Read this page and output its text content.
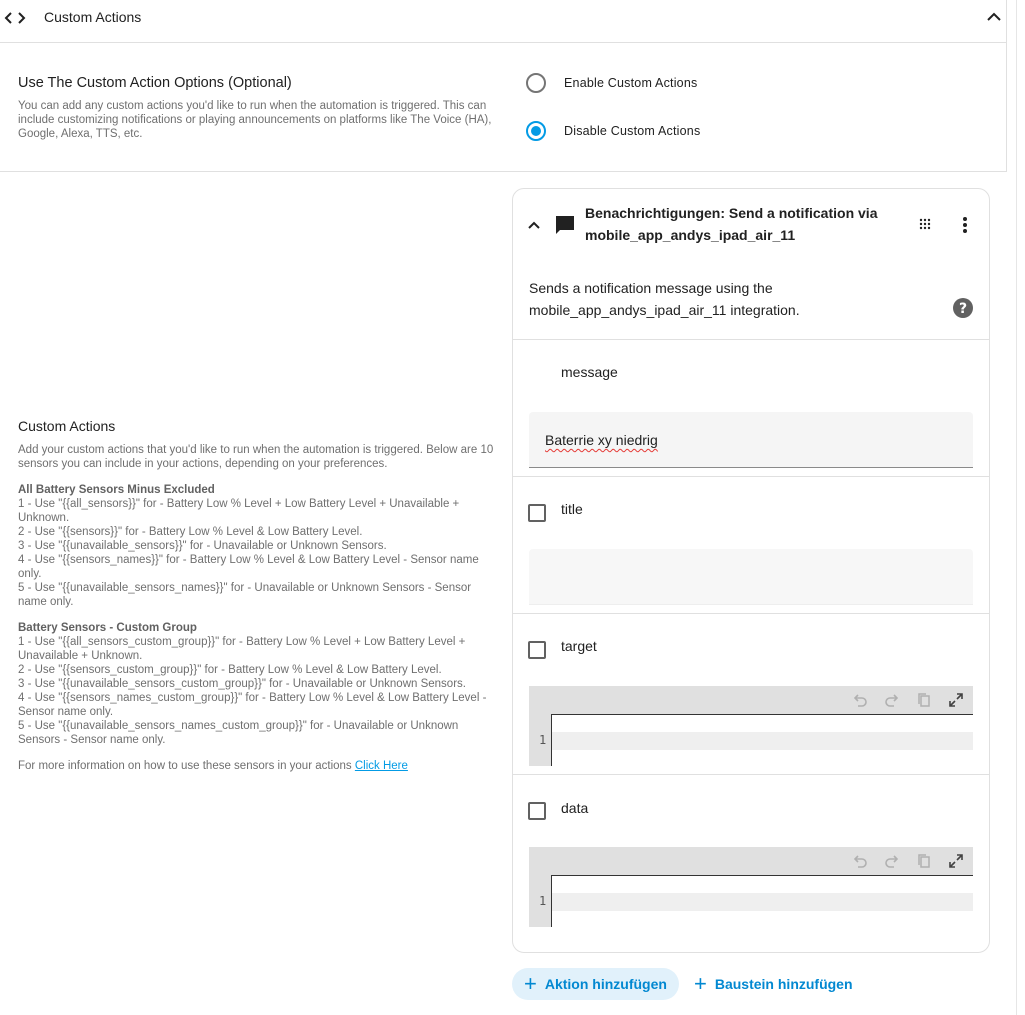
Custom Actions
Use The Custom Action Options (Optional)
You can add any custom actions you'd like to run when the automation is triggered. This can include customizing notifications or playing announcements on platforms like The Voice (HA), Google, Alexa, TTS, etc.
Enable Custom Actions
Disable Custom Actions
Custom Actions
Add your custom actions that you'd like to run when the automation is triggered. Below are 10 sensors you can include in your actions, depending on your preferences.
All Battery Sensors Minus Excluded
1 - Use "{{all_sensors}}" for - Battery Low % Level + Low Battery Level + Unavailable + Unknown.
2 - Use "{{sensors}}" for - Battery Low % Level & Low Battery Level.
3 - Use "{{unavailable_sensors}}" for - Unavailable or Unknown Sensors.
4 - Use "{{sensors_names}}" for - Battery Low % Level & Low Battery Level - Sensor name only.
5 - Use "{{unavailable_sensors_names}}" for - Unavailable or Unknown Sensors - Sensor name only.
Battery Sensors - Custom Group
1 - Use "{{all_sensors_custom_group}}" for - Battery Low % Level + Low Battery Level + Unavailable + Unknown.
2 - Use "{{sensors_custom_group}}" for - Battery Low % Level & Low Battery Level.
3 - Use "{{unavailable_sensors_custom_group}}" for - Unavailable or Unknown Sensors.
4 - Use "{{sensors_names_custom_group}}" for - Battery Low % Level & Low Battery Level - Sensor name only.
5 - Use "{{unavailable_sensors_names_custom_group}}" for - Unavailable or Unknown Sensors - Sensor name only.
For more information on how to use these sensors in your actions Click Here
Benachrichtigungen: Send a notification via
mobile_app_andys_ipad_air_11
Sends a notification message using the
mobile_app_andys_ipad_air_11 integration.	?
message
Baterrie xy niedrig
title
target
1
data
1
+ Aktion hinzufügen + Baustein hinzufügen
